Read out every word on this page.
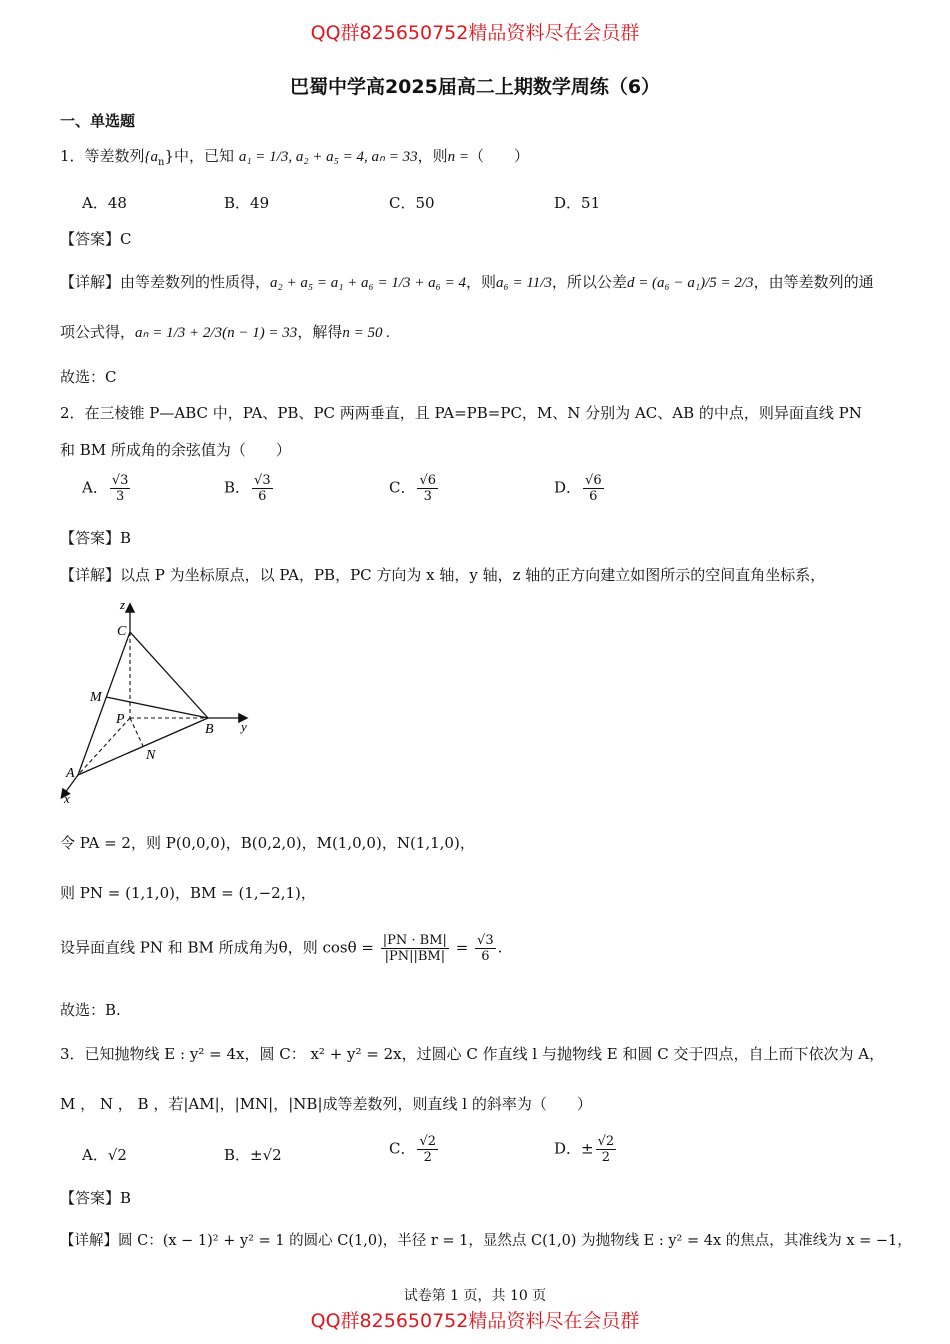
QQ群825650752精品资料尽在会员群
巴蜀中学高2025届高二上期数学周练（6）
一、单选题
1．等差数列$\{a_n\}$中，已知 a₁ = 1/3, a₂ + a₅ = 4, aₙ = 33，则n =（　　）
A．48	B．49	C．50	D．51
【答案】C
【详解】由等差数列的性质得，a₂ + a₅ = a₁ + a₆ = 1/3 + a₆ = 4，则a₆ = 11/3，所以公差d = (a₆ − a₁)/5 = 2/3，由等差数列的通
项公式得，aₙ = 1/3 + 2/3(n − 1) = 33，解得n = 50 .
故选：C
2．在三棱锥 P—ABC 中，PA、PB、PC 两两垂直，且 PA=PB=PC，M、N 分别为 AC、AB 的中点，则异面直线 PN
和 BM 所成角的余弦值为（　　）
A． $\frac{√3}{3}$	B． $\frac{√3}{6}$	C． $\frac{√6}{3}$	D． $\frac{√6}{6}$
【答案】B
【详解】以点 P 为坐标原点，以 PA，PB，PC 方向为 x 轴，y 轴，z 轴的正方向建立如图所示的空间直角坐标系，
z
C
M
P
B y
N
A
x
令 PA = 2，则 P(0,0,0)，B(0,2,0)，M(1,0,0)，N(1,1,0)，
则 PN = (1,1,0)，BM = (1,−2,1)，
设异面直线 PN 和 BM 所成角为θ，则 $\cos\theta = \frac{|PN \cdot BM|}{|PN||BM|} = \frac{√3}{6}$ .
故选：B.
3．已知抛物线 E : y² = 4x，圆 C： x² + y² = 2x，过圆心 C 作直线 l 与抛物线 E 和圆 C 交于四点，自上而下依次为 A，
M ， N ， B ，若|AM|，|MN|，|NB|成等差数列，则直线 l 的斜率为（　　）
A．√2	B．±√2	C． $\frac{√2}{2}$	D．± $\frac{√2}{2}$
【答案】B
【详解】圆 C：(x − 1)² + y² = 1 的圆心 C(1,0)，半径 r = 1，显然点 C(1,0) 为抛物线 E : y² = 4x 的焦点，其准线为 x = −1，
试卷第 1 页，共 10 页
QQ群825650752精品资料尽在会员群
